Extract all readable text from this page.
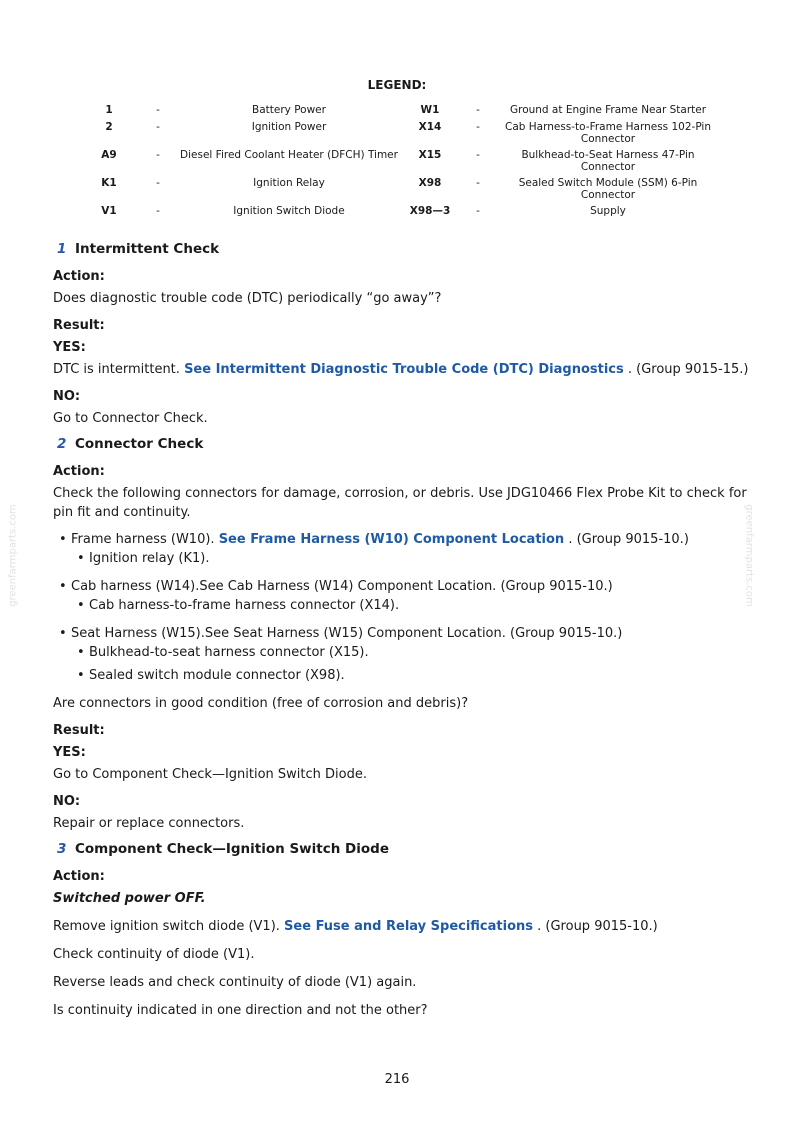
greenfarmparts.com	greenfarmparts.com
LEGEND:
1	-	Battery Power	W1	-	Ground at Engine Frame Near Starter
2	-	Ignition Power	X14	-	Cab Harness-to-Frame Harness 102-Pin Connector
A9	-	Diesel Fired Coolant Heater (DFCH) Timer	X15	-	Bulkhead-to-Seat Harness 47-Pin Connector
K1	-	Ignition Relay	X98	-	Sealed Switch Module (SSM) 6-Pin Connector
V1	-	Ignition Switch Diode	X98—3	-	Supply
1 Intermittent Check
Action:

Does diagnostic trouble code (DTC) periodically “go away”?

Result:
YES:

DTC is intermittent. See Intermittent Diagnostic Trouble Code (DTC) Diagnostics . (Group 9015-15.)

NO:

Go to Connector Check.

2 Connector Check
Action:

Check the following connectors for damage, corrosion, or debris. Use JDG10466 Flex Probe Kit to check for pin fit and continuity.

• Frame harness (W10). See Frame Harness (W10) Component Location . (Group 9015-10.)
• Ignition relay (K1).
• Cab harness (W14).See Cab Harness (W14) Component Location. (Group 9015-10.)
• Cab harness-to-frame harness connector (X14).
• Seat Harness (W15).See Seat Harness (W15) Component Location. (Group 9015-10.)
• Bulkhead-to-seat harness connector (X15).
• Sealed switch module connector (X98).

Are connectors in good condition (free of corrosion and debris)?

Result:
YES:

Go to Component Check—Ignition Switch Diode.

NO:

Repair or replace connectors.

3 Component Check—Ignition Switch Diode
Action:

Switched power OFF.

Remove ignition switch diode (V1). See Fuse and Relay Specifications . (Group 9015-10.)

Check continuity of diode (V1).

Reverse leads and check continuity of diode (V1) again.

Is continuity indicated in one direction and not the other?

216
